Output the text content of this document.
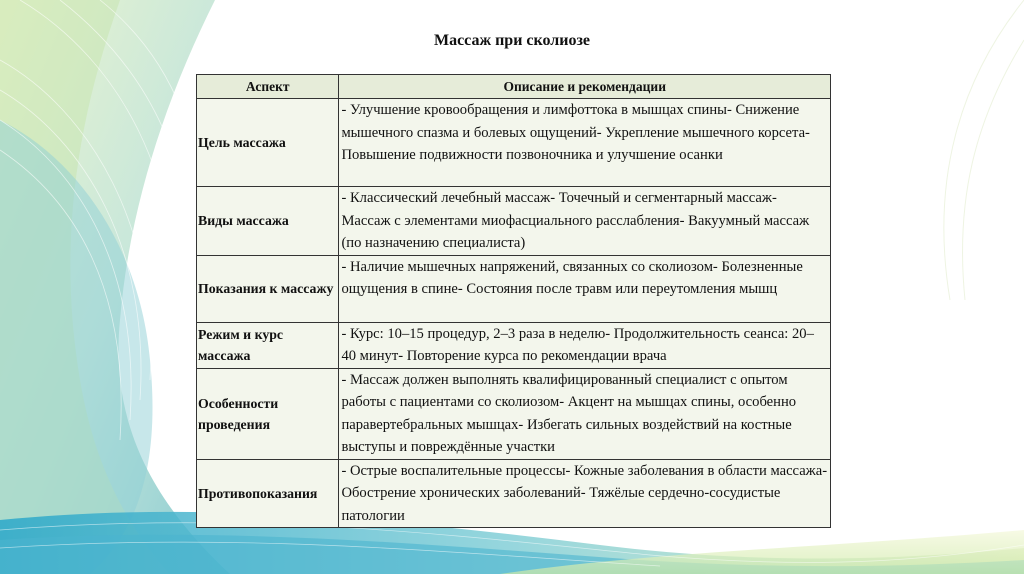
Массаж при сколиозе
Аспект	Описание и рекомендации
Цель массажа	- Улучшение кровообращения и лимфоттока в мышцах спины- Снижение мышечного спазма и болевых ощущений- Укрепление мышечного корсета- Повышение подвижности позвоночника и улучшение осанки
Виды массажа	- Классический лечебный массаж- Точечный и сегментарный массаж- Массаж с элементами миофасциального расслабления- Вакуумный массаж (по назначению специалиста)
Показания к массажу	- Наличие мышечных напряжений, связанных со сколиозом- Болезненные ощущения в спине- Состояния после травм или переутомления мышц
Режим и курс массажа	- Курс: 10–15 процедур, 2–3 раза в неделю- Продолжительность сеанса: 20–40 минут- Повторение курса по рекомендации врача
Особенности проведения	- Массаж должен выполнять квалифицированный специалист с опытом работы с пациентами со сколиозом- Акцент на мышцах спины, особенно паравертебральных мышцах- Избегать сильных воздействий на костные выступы и повреждённые участки
Противопоказания	- Острые воспалительные процессы- Кожные заболевания в области массажа- Обострение хронических заболеваний- Тяжёлые сердечно-сосудистые патологии
